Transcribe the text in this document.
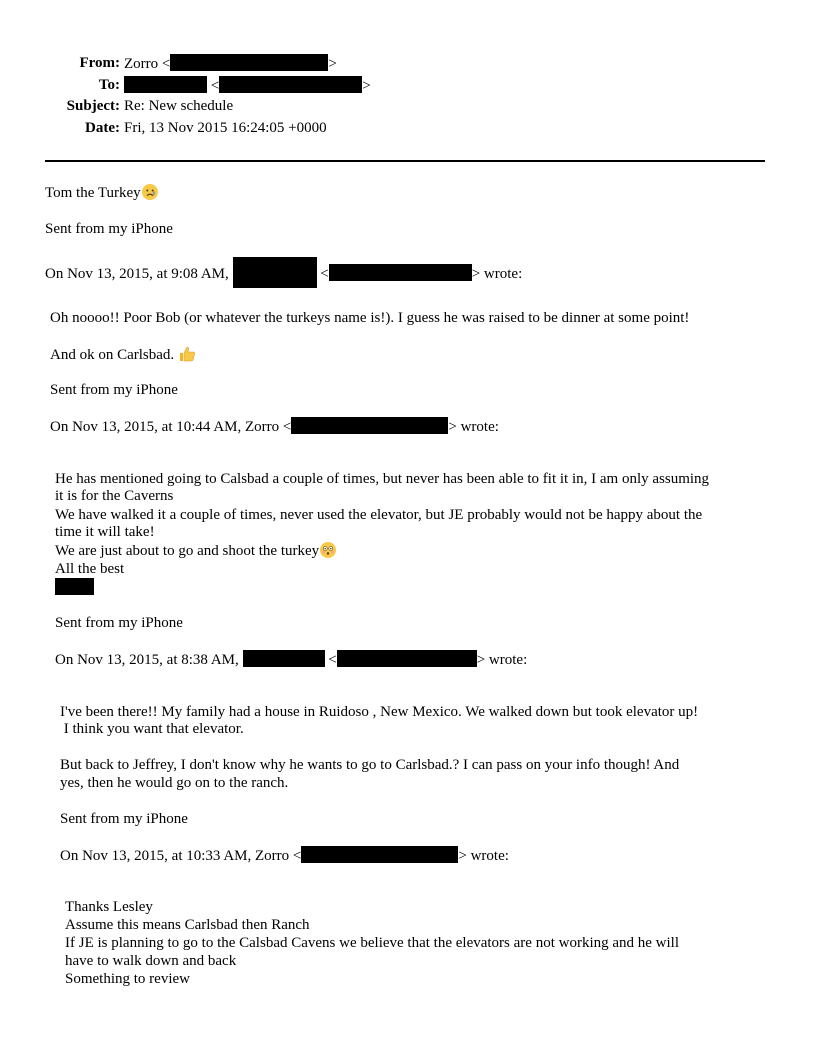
From: Zorro <	>
To:	<	>
Subject: Re: New schedule
Date: Fri, 13 Nov 2015 16:24:05 +0000
Tom the Turkey
Sent from my iPhone
On Nov 13, 2015, at 9:08 AM,	<	> wrote:
Oh noooo!! Poor Bob (or whatever the turkeys name is!). I guess he was raised to be dinner at some point!
And ok on Carlsbad.
Sent from my iPhone
On Nov 13, 2015, at 10:44 AM, Zorro <	> wrote:
He has mentioned going to Calsbad a couple of times, but never has been able to fit it in, I am only assuming
it is for the Caverns
We have walked it a couple of times, never used the elevator, but JE probably would not be happy about the
time it will take!
We are just about to go and shoot the turkey
All the best
Sent from my iPhone
On Nov 13, 2015, at 8:38 AM,	<	> wrote:
I've been there!! My family had a house in Ruidoso , New Mexico. We walked down but took elevator up!
I think you want that elevator.
But back to Jeffrey, I don't know why he wants to go to Carlsbad.? I can pass on your info though! And
yes, then he would go on to the ranch.
Sent from my iPhone
On Nov 13, 2015, at 10:33 AM, Zorro <	> wrote:
Thanks Lesley
Assume this means Carlsbad then Ranch
If JE is planning to go to the Calsbad Cavens we believe that the elevators are not working and he will
have to walk down and back
Something to review
